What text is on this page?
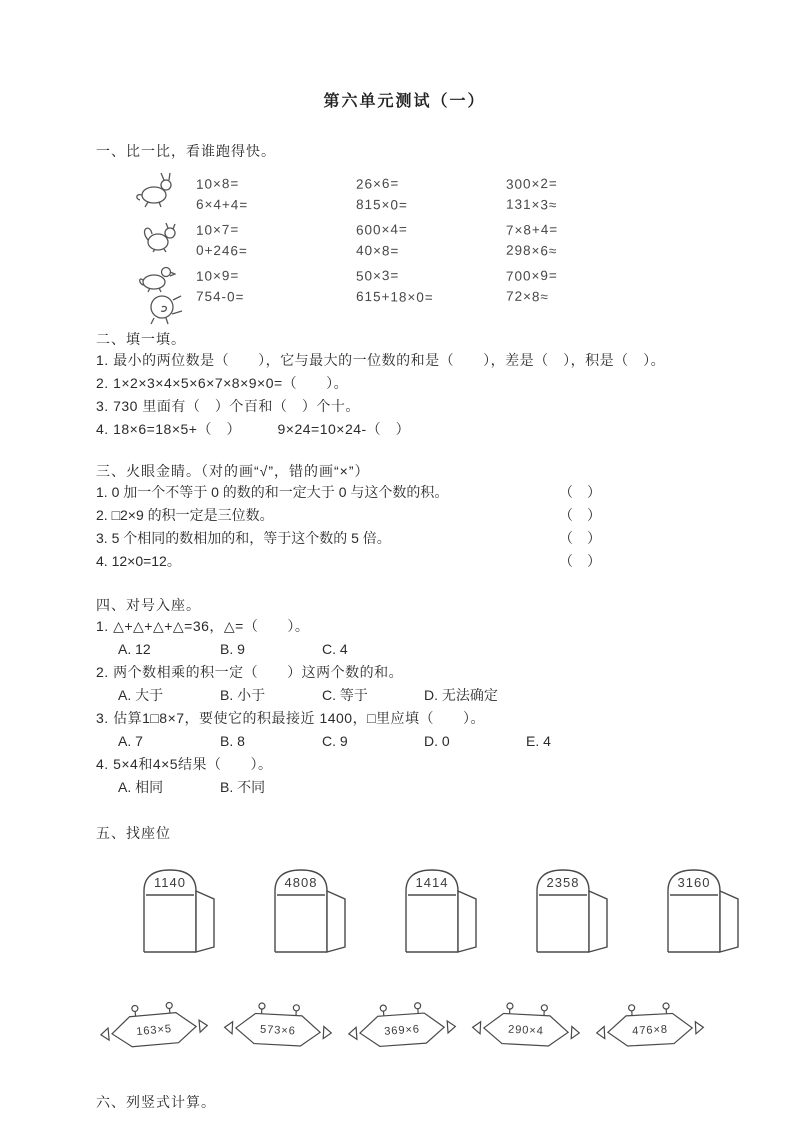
第六单元测试（一）
一、比一比，看谁跑得快。
10×8=	26×6=	300×2=
6×4+4=	815×0=	131×3≈
10×7=	600×4=	7×8+4=
0+246=	40×8=	298×6≈
10×9=	50×3=	700×9=
754-0=	615+18×0=	72×8≈
二、填一填。
1. 最小的两位数是（　　），它与最大的一位数的和是（　　），差是（　），积是（　）。
2. 1×2×3×4×5×6×7×8×9×0=（　　）。
3. 730 里面有（　）个百和（　）个十。
4. 18×6=18×5+（　）　　　9×24=10×24-（　）
三、火眼金睛。（对的画“√”，错的画“×”）
1. 0 加一个不等于 0 的数的和一定大于 0 与这个数的积。	（　）
2. □2×9 的积一定是三位数。	（　）
3. 5 个相同的数相加的和，等于这个数的 5 倍。	（　）
4. 12×0=12。	（　）
四、对号入座。
1. △+△+△+△=36，△=（　　）。
A. 12	B. 9	C. 4
2. 两个数相乘的积一定（　　）这两个数的和。
A. 大于	B. 小于	C. 等于	D. 无法确定
3. 估算1□8×7，要使它的积最接近 1400，□里应填（　　）。
A. 7	B. 8	C. 9	D. 0	E. 4
4. 5×4和4×5结果（　　）。
A. 相同	B. 不同
五、找座位
1140	4808	1414	2358	3160
163×5	573×6	369×6	290×4	476×8
六、列竖式计算。
